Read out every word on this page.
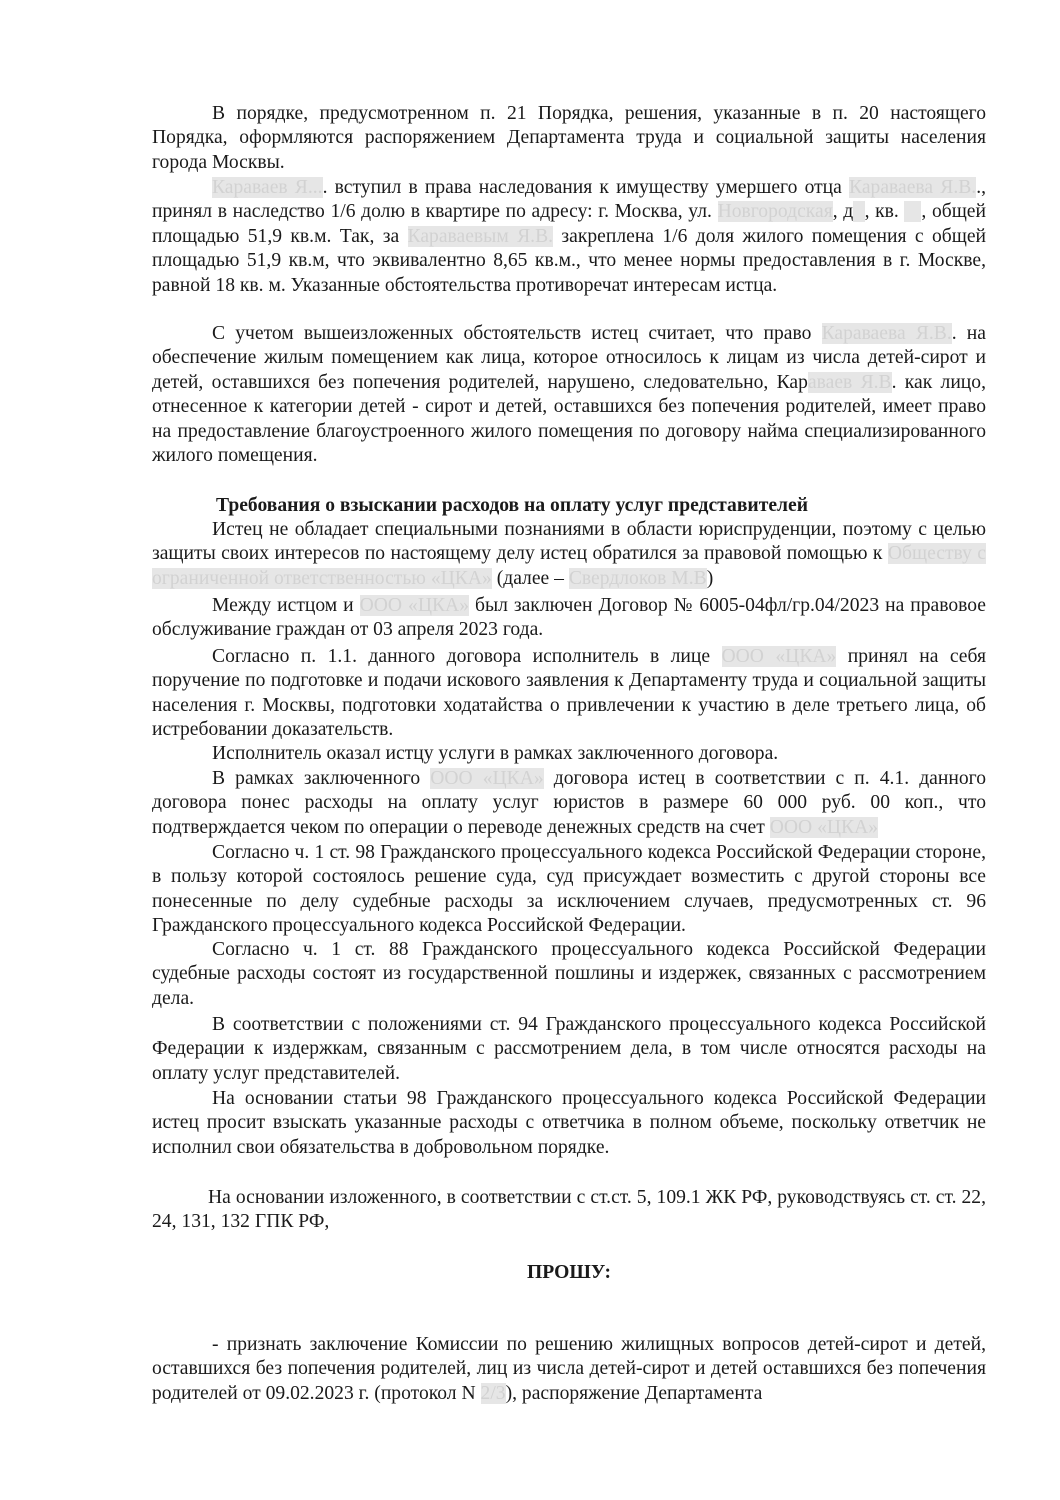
В порядке, предусмотренном п. 21 Порядка, решения, указанные в п. 20 настоящего Порядка, оформляются распоряжением Департамента труда и социальной защиты населения города Москвы.

Караваев Я.... вступил в права наследования к имуществу умершего отца Караваева Я.В.., принял в наследство 1/6 долю в квартире по адресу: г. Москва, ул. Новгородская, д , кв.    , общей площадью 51,9 кв.м. Так, за Караваевым Я.В. закреплена 1/6 доля жилого помещения с общей площадью 51,9 кв.м, что эквивалентно 8,65 кв.м., что менее нормы предоставления в г. Москве, равной 18 кв. м. Указанные обстоятельства противоречат интересам истца.

С учетом вышеизложенных обстоятельств истец считает, что право Караваева Я.В.. на обеспечение жилым помещением как лица, которое относилось к лицам из числа детей-сирот и детей, оставшихся без попечения родителей, нарушено, следовательно, Караваев Я.В. как лицо, отнесенное к категории детей - сирот и детей, оставшихся без попечения родителей, имеет право на предоставление благоустроенного жилого помещения по договору найма специализированного жилого помещения.

Требования о взыскании расходов на оплату услуг представителей

Истец не обладает специальными познаниями в области юриспруденции, поэтому с целью защиты своих интересов по настоящему делу истец обратился за правовой помощью к Обществу с ограниченной ответственностью «ЦКА» (далее – Свердлоков М.В)

Между истцом и ООО «ЦКА» был заключен Договор № 6005-04фл/гр.04/2023 на правовое обслуживание граждан от 03 апреля 2023 года.

Согласно п. 1.1. данного договора исполнитель в лице ООО «ЦКА» принял на себя поручение по подготовке и подачи искового заявления к Департаменту труда и социальной защиты населения г. Москвы, подготовки ходатайства о привлечении к участию в деле третьего лица, об истребовании доказательств.

Исполнитель оказал истцу услуги в рамках заключенного договора.

В рамках заключенного ООО «ЦКА» договора истец в соответствии с п. 4.1. данного договора понес расходы на оплату услуг юристов в размере 60 000 руб. 00 коп., что подтверждается чеком по операции о переводе денежных средств на счет ООО «ЦКА»

Согласно ч. 1 ст. 98 Гражданского процессуального кодекса Российской Федерации стороне, в пользу которой состоялось решение суда, суд присуждает возместить с другой стороны все понесенные по делу судебные расходы за исключением случаев, предусмотренных ст. 96 Гражданского процессуального кодекса Российской Федерации.

Согласно ч. 1 ст. 88 Гражданского процессуального кодекса Российской Федерации судебные расходы состоят из государственной пошлины и издержек, связанных с рассмотрением дела.

В соответствии с положениями ст. 94 Гражданского процессуального кодекса Российской Федерации к издержкам, связанным с рассмотрением дела, в том числе относятся расходы на оплату услуг представителей.

На основании статьи 98 Гражданского процессуального кодекса Российской Федерации истец просит взыскать указанные расходы с ответчика в полном объеме, поскольку ответчик не исполнил свои обязательства в добровольном порядке.

На основании изложенного, в соответствии с ст.ст. 5, 109.1 ЖК РФ, руководствуясь ст. ст. 22, 24, 131, 132 ГПК РФ,

ПРОШУ:

- признать заключение Комиссии по решению жилищных вопросов детей-сирот и детей, оставшихся без попечения родителей, лиц из числа детей-сирот и детей оставшихся без попечения родителей от 09.02.2023 г. (протокол N 2/3), распоряжение Департамента
